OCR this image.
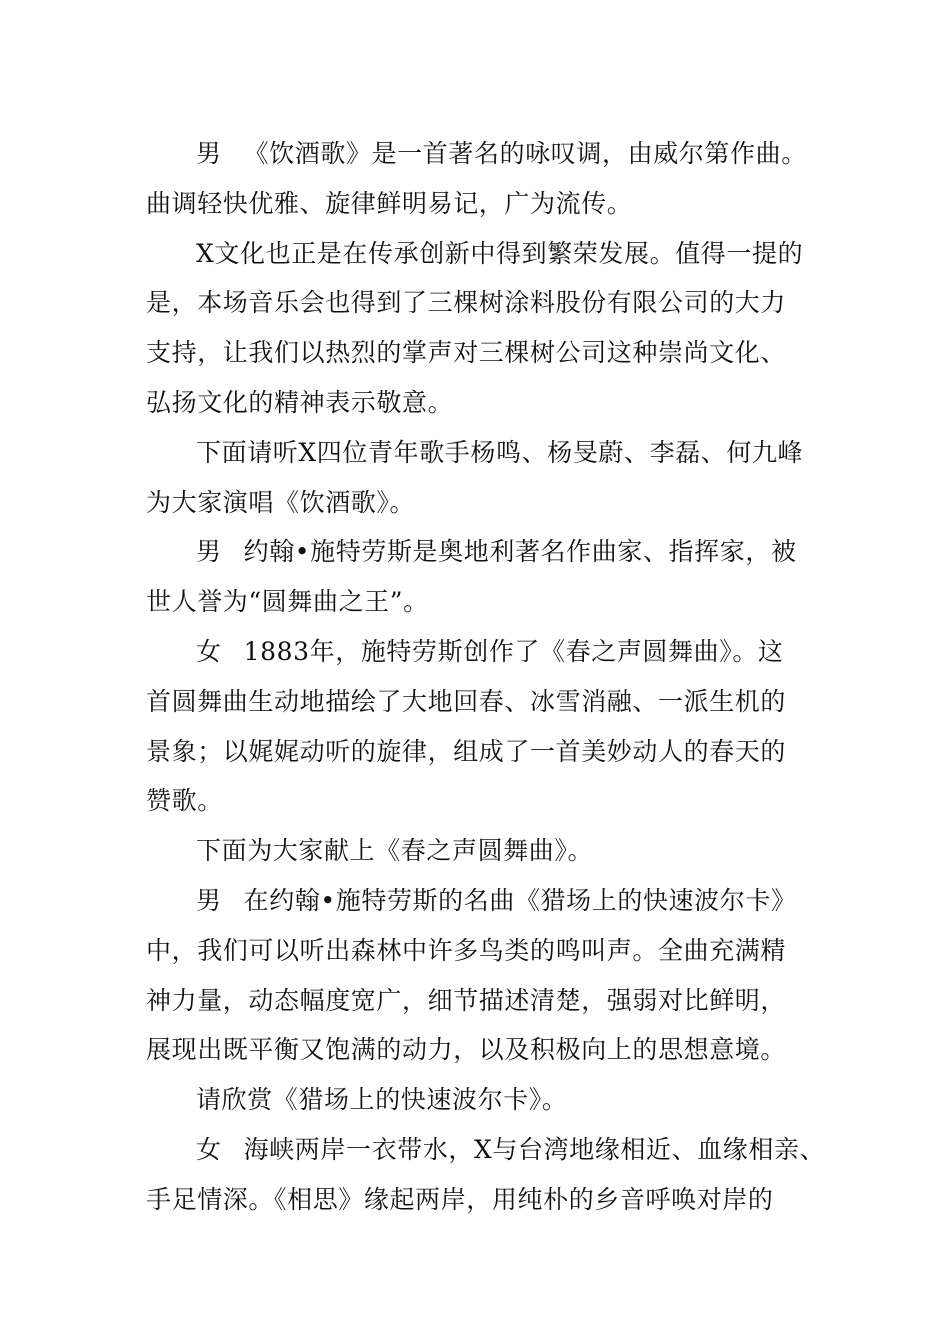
男 《饮酒歌》是一首著名的咏叹调，由威尔第作曲。
曲调轻快优雅、旋律鲜明易记，广为流传。
X文化也正是在传承创新中得到繁荣发展。值得一提的
是，本场音乐会也得到了三棵树涂料股份有限公司的大力
支持，让我们以热烈的掌声对三棵树公司这种崇尚文化、
弘扬文化的精神表示敬意。
下面请听X四位青年歌手杨鸣、杨旻蔚、李磊、何九峰
为大家演唱《饮酒歌》。
男 约翰•施特劳斯是奥地利著名作曲家、指挥家，被
世人誉为“圆舞曲之王”。
女 1883年，施特劳斯创作了《春之声圆舞曲》。这
首圆舞曲生动地描绘了大地回春、冰雪消融、一派生机的
景象；以娓娓动听的旋律，组成了一首美妙动人的春天的
赞歌。
下面为大家献上《春之声圆舞曲》。
男 在约翰•施特劳斯的名曲《猎场上的快速波尔卡》
中，我们可以听出森林中许多鸟类的鸣叫声。全曲充满精
神力量，动态幅度宽广，细节描述清楚，强弱对比鲜明，
展现出既平衡又饱满的动力，以及积极向上的思想意境。
请欣赏《猎场上的快速波尔卡》。
女 海峡两岸一衣带水，X与台湾地缘相近、血缘相亲、
手足情深。《相思》缘起两岸，用纯朴的乡音呼唤对岸的
